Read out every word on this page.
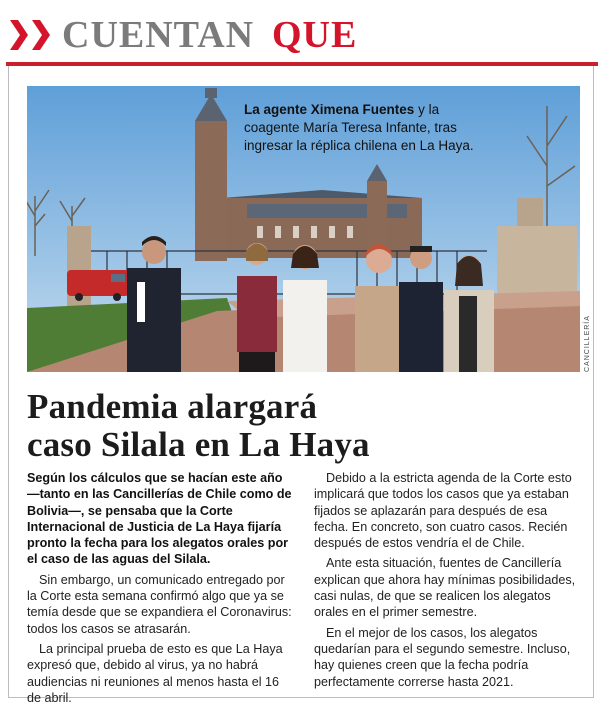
CUENTAN QUE
CANCILLERÍA
La agente Ximena Fuentes y la coagente María Teresa Infante, tras ingresar la réplica chilena en La Haya.
Pandemia alargará
caso Silala en La Haya

Según los cálculos que se hacían este año —tanto en las Cancillerías de Chile como de Bolivia—, se pensaba que la Corte Internacional de Justicia de La Haya fijaría pronto la fecha para los alegatos orales por el caso de las aguas del Silala.

Sin embargo, un comunicado entregado por la Corte esta semana confirmó algo que ya se temía desde que se expandiera el Coronavirus: todos los casos se atrasarán.

La principal prueba de esto es que La Haya expresó que, debido al virus, ya no habrá audiencias ni reuniones al menos hasta el 16 de abril.

Debido a la estricta agenda de la Corte esto implicará que todos los casos que ya estaban fijados se aplazarán para después de esa fecha. En concreto, son cuatro casos. Recién después de estos vendría el de Chile.

Ante esta situación, fuentes de Cancillería explican que ahora hay mínimas posibilidades, casi nulas, de que se realicen los alegatos orales en el primer semestre.

En el mejor de los casos, los alegatos quedarían para el segundo semestre. Incluso, hay quienes creen que la fecha podría perfectamente correrse hasta 2021.
